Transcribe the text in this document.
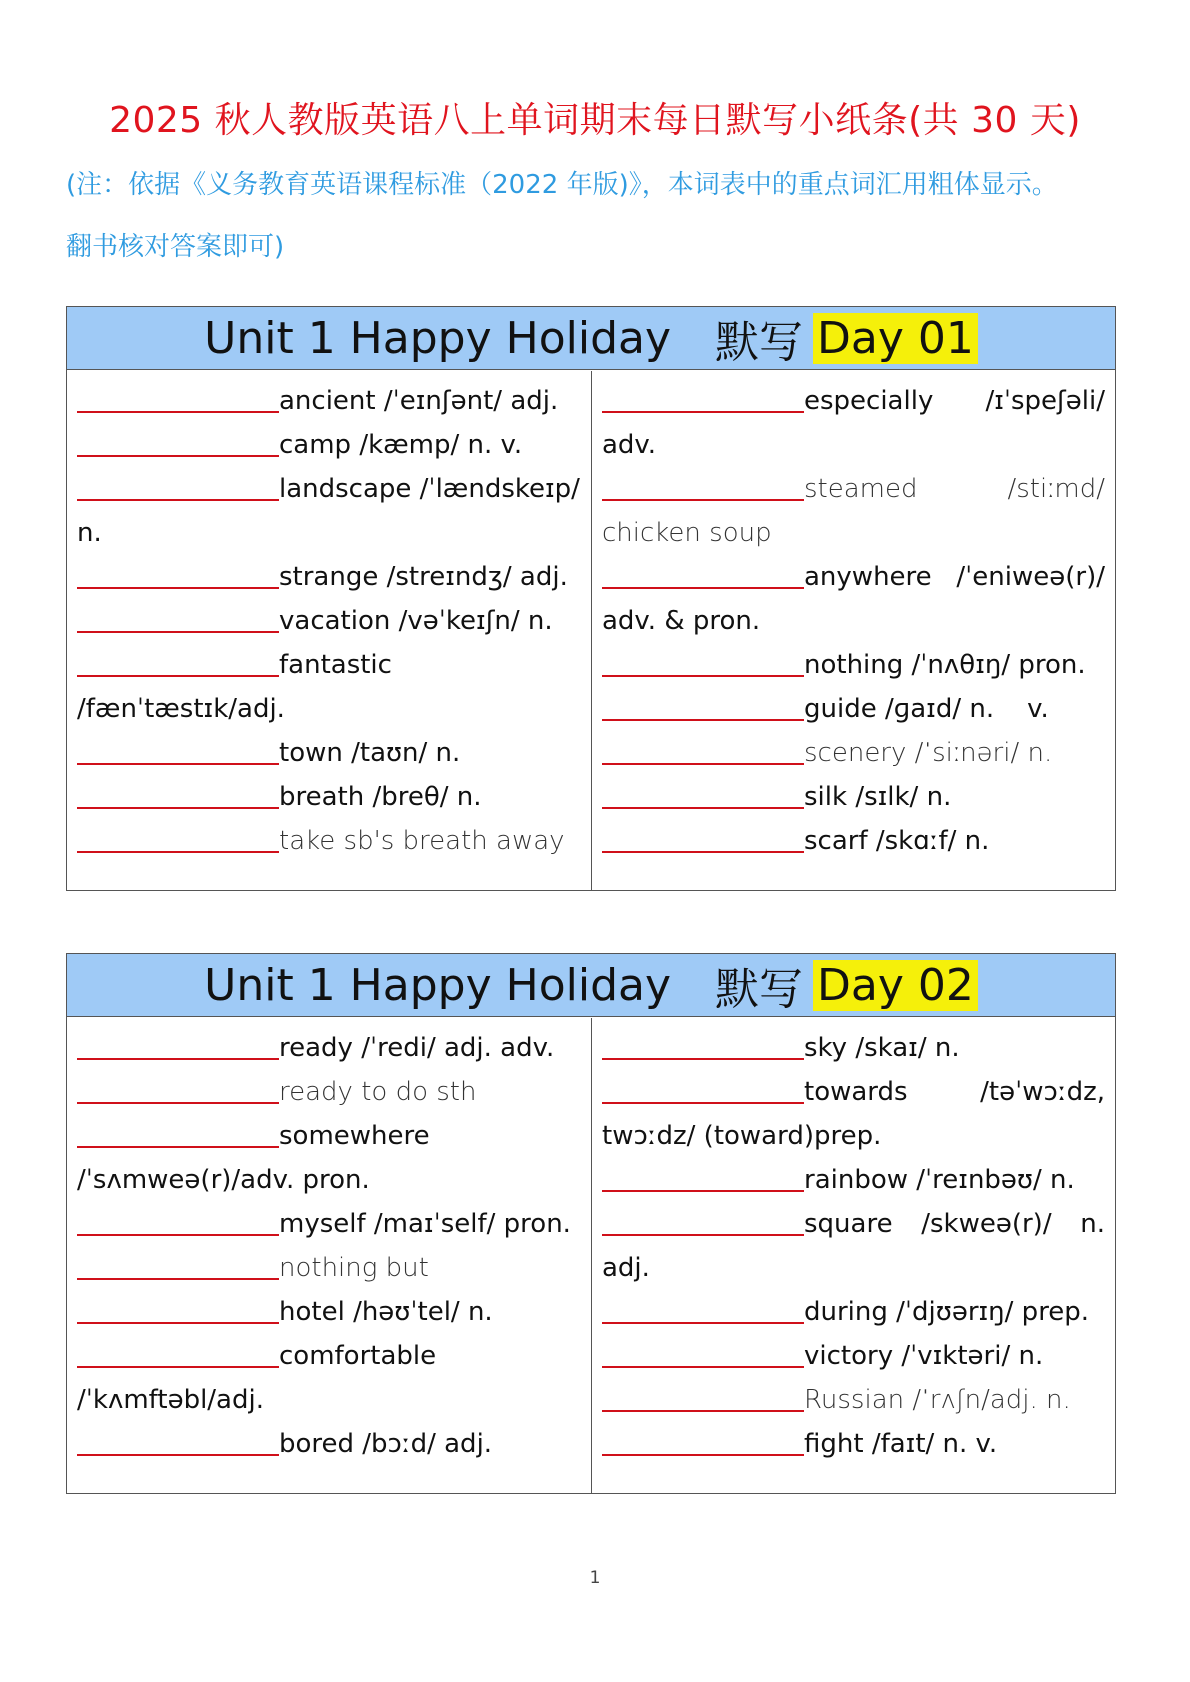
2025 秋人教版英语八上单词期末每日默写小纸条(共 30 天)
(注：依据《义务教育英语课程标准（2022 年版)》，本词表中的重点词汇用粗体显示。
翻书核对答案即可)
Unit 1 Happy Holiday 默写 Day 01
ancient /ˈeɪnʃənt/ adj.
camp /kæmp/ n. v.
landscape /ˈlændskeɪp/
n.
strange /streɪndʒ/ adj.
vacation /vəˈkeɪʃn/ n.
fantastic
/fænˈtæstɪk/adj.
town /taʊn/ n.
breath /breθ/ n.
take sb's breath away
especially /ɪˈspeʃəli/
adv.
steamed	/stiːmd/
chicken soup
anywhere /ˈeniweə(r)/
adv. & pron.
nothing /ˈnʌθɪŋ/ pron.
guide /ɡaɪd/ n.    v.
scenery /ˈsiːnəri/ n.
silk /sɪlk/ n.
scarf /skɑːf/ n.
Unit 1 Happy Holiday 默写 Day 02
ready /ˈredi/ adj. adv.
ready to do sth
somewhere
/ˈsʌmweə(r)/adv. pron.
myself /maɪˈself/ pron.
nothing but
hotel /həʊˈtel/ n.
comfortable
/ˈkʌmftəbl/adj.
bored /bɔːd/ adj.
sky /skaɪ/ n.
towards	/təˈwɔːdz,
twɔːdz/ (toward)prep.
rainbow /ˈreɪnbəʊ/ n.
square /skweə(r)/ n.
adj.
during /ˈdjʊərɪŋ/ prep.
victory /ˈvɪktəri/ n.
Russian /ˈrʌʃn/adj. n.
fight /faɪt/ n. v.
1
